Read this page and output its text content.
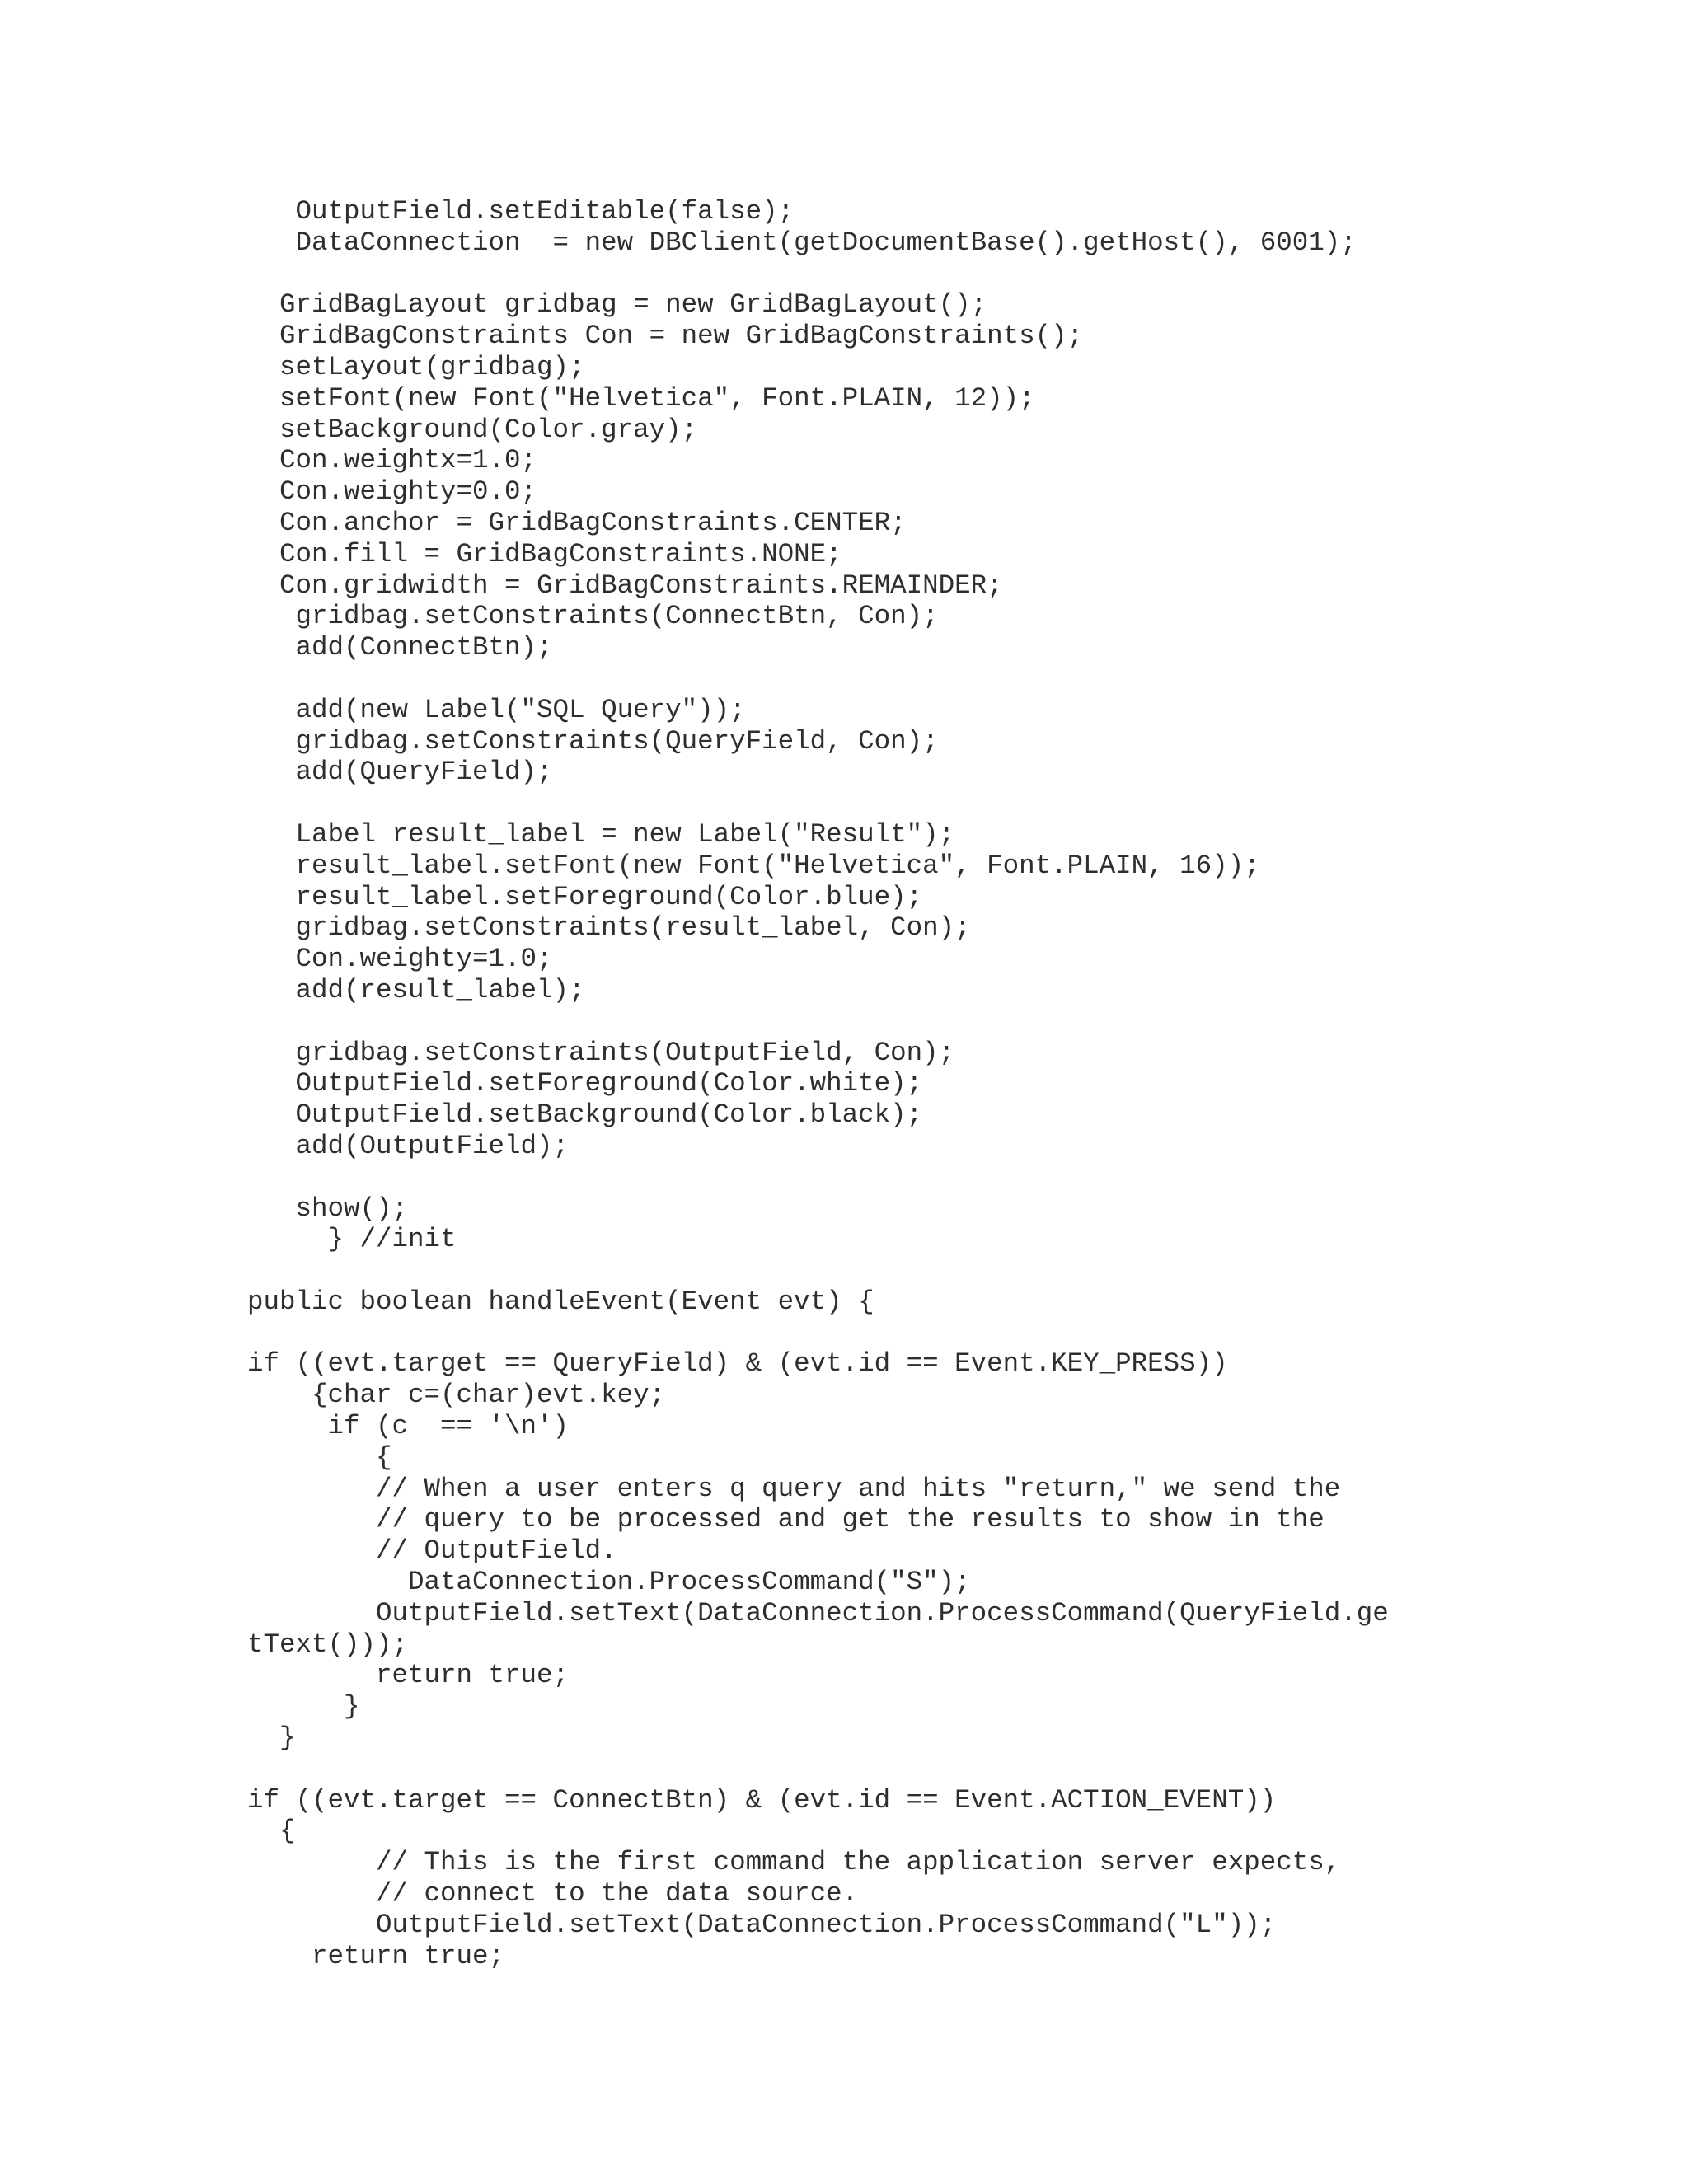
OutputField.setEditable(false);
DataConnection  = new DBClient(getDocumentBase().getHost(), 6001);
GridBagLayout gridbag = new GridBagLayout();
GridBagConstraints Con = new GridBagConstraints();
setLayout(gridbag);
setFont(new Font("Helvetica", Font.PLAIN, 12));
setBackground(Color.gray);
Con.weightx=1.0;
Con.weighty=0.0;
Con.anchor = GridBagConstraints.CENTER;
Con.fill = GridBagConstraints.NONE;
Con.gridwidth = GridBagConstraints.REMAINDER;
gridbag.setConstraints(ConnectBtn, Con);
add(ConnectBtn);
add(new Label("SQL Query"));
gridbag.setConstraints(QueryField, Con);
add(QueryField);
Label result_label = new Label("Result");
result_label.setFont(new Font("Helvetica", Font.PLAIN, 16));
result_label.setForeground(Color.blue);
gridbag.setConstraints(result_label, Con);
Con.weighty=1.0;
add(result_label);
gridbag.setConstraints(OutputField, Con);
OutputField.setForeground(Color.white);
OutputField.setBackground(Color.black);
add(OutputField);
show();
} //init
public boolean handleEvent(Event evt) {
if ((evt.target == QueryField) & (evt.id == Event.KEY_PRESS))
{char c=(char)evt.key;
if (c  == '\n')
{
// When a user enters q query and hits "return," we send the
// query to be processed and get the results to show in the
// OutputField.
DataConnection.ProcessCommand("S");
OutputField.setText(DataConnection.ProcessCommand(QueryField.ge
tText()));
return true;
}
}
if ((evt.target == ConnectBtn) & (evt.id == Event.ACTION_EVENT))
{
// This is the first command the application server expects,
// connect to the data source.
OutputField.setText(DataConnection.ProcessCommand("L"));
return true;
